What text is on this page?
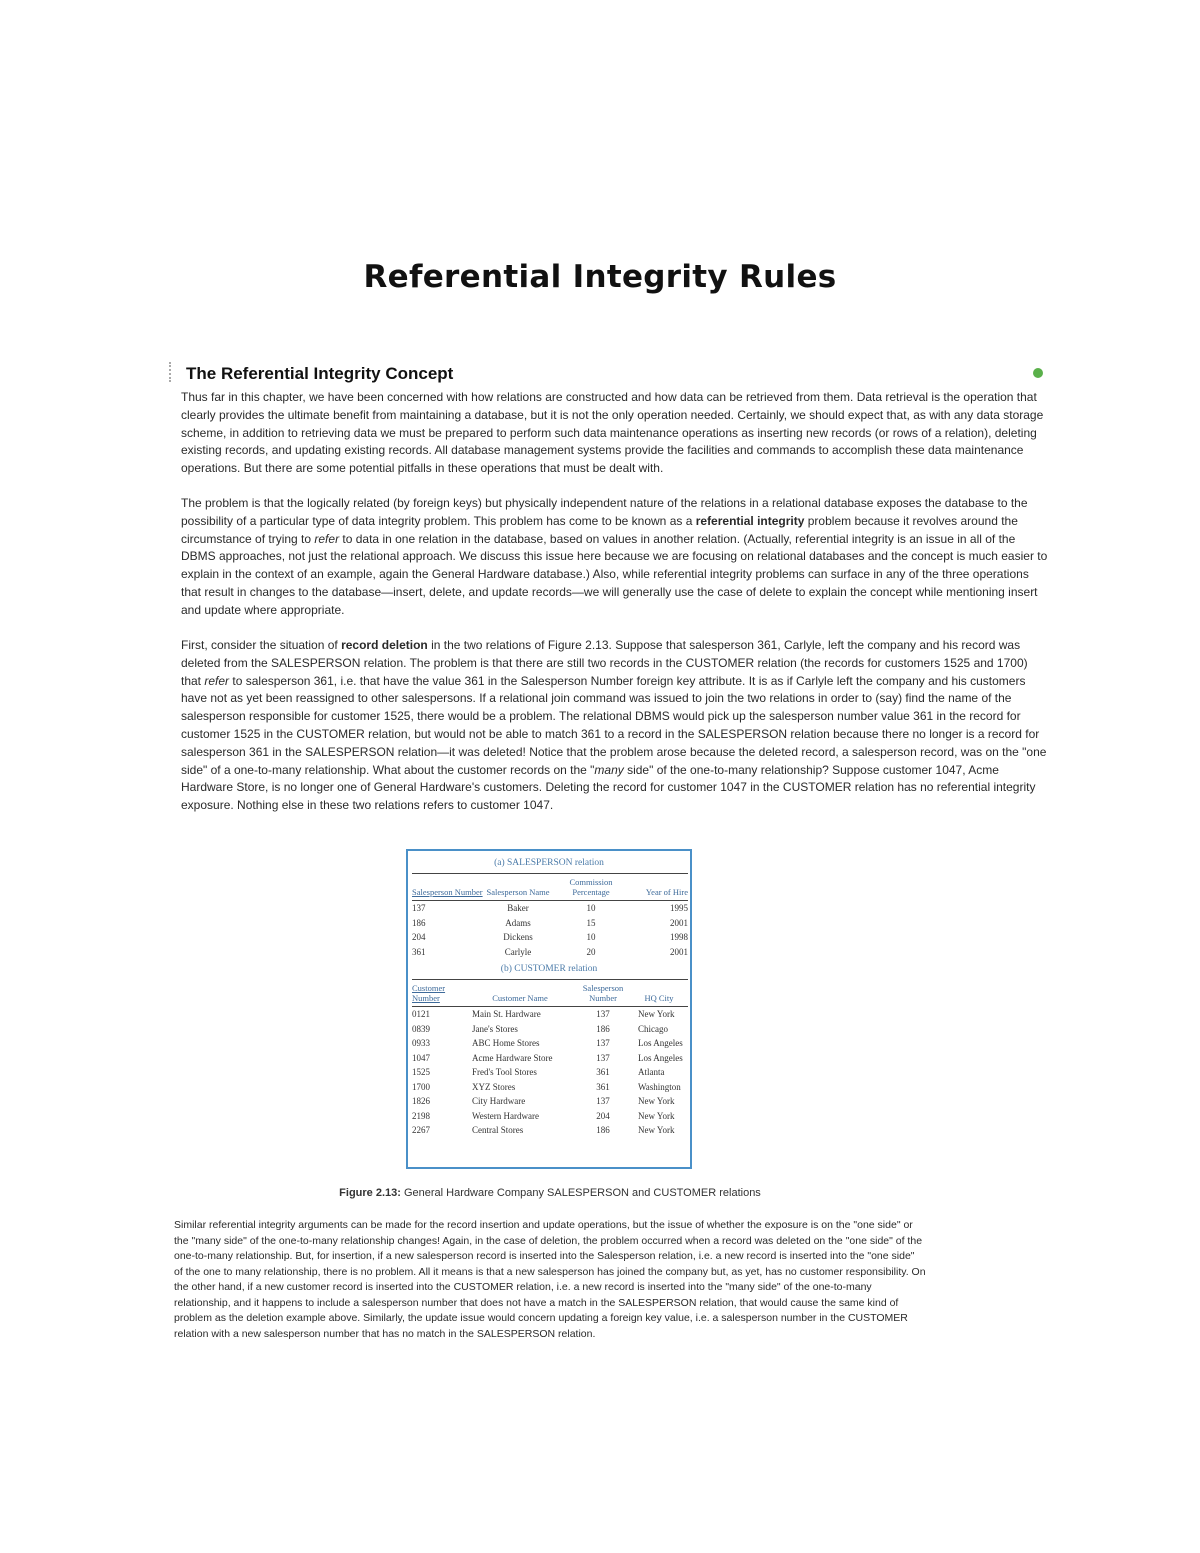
Referential Integrity Rules
The Referential Integrity Concept

Thus far in this chapter, we have been concerned with how relations are constructed and how data can be retrieved from them. Data retrieval is the operation that clearly provides the ultimate benefit from maintaining a database, but it is not the only operation needed. Certainly, we should expect that, as with any data storage scheme, in addition to retrieving data we must be prepared to perform such data maintenance operations as inserting new records (or rows of a relation), deleting existing records, and updating existing records. All database management systems provide the facilities and commands to accomplish these data maintenance operations. But there are some potential pitfalls in these operations that must be dealt with.

The problem is that the logically related (by foreign keys) but physically independent nature of the relations in a relational database exposes the database to the possibility of a particular type of data integrity problem. This problem has come to be known as a referential integrity problem because it revolves around the circumstance of trying to refer to data in one relation in the database, based on values in another relation. (Actually, referential integrity is an issue in all of the DBMS approaches, not just the relational approach. We discuss this issue here because we are focusing on relational databases and the concept is much easier to explain in the context of an example, again the General Hardware database.) Also, while referential integrity problems can surface in any of the three operations that result in changes to the database—insert, delete, and update records—we will generally use the case of delete to explain the concept while mentioning insert and update where appropriate.

First, consider the situation of record deletion in the two relations of Figure 2.13. Suppose that salesperson 361, Carlyle, left the company and his record was deleted from the SALESPERSON relation. The problem is that there are still two records in the CUSTOMER relation (the records for customers 1525 and 1700) that refer to salesperson 361, i.e. that have the value 361 in the Salesperson Number foreign key attribute. It is as if Carlyle left the company and his customers have not as yet been reassigned to other salespersons. If a relational join command was issued to join the two relations in order to (say) find the name of the salesperson responsible for customer 1525, there would be a problem. The relational DBMS would pick up the salesperson number value 361 in the record for customer 1525 in the CUSTOMER relation, but would not be able to match 361 to a record in the SALESPERSON relation because there no longer is a record for salesperson 361 in the SALESPERSON relation—it was deleted! Notice that the problem arose because the deleted record, a salesperson record, was on the "one side" of a one-to-many relationship. What about the customer records on the "many side" of the one-to-many relationship? Suppose customer 1047, Acme Hardware Store, is no longer one of General Hardware's customers. Deleting the record for customer 1047 in the CUSTOMER relation has no referential integrity exposure. Nothing else in these two relations refers to customer 1047.

(a) SALESPERSON relation

Salesperson Number	Salesperson Name	Commission Percentage	Year of Hire
137	Baker	10	1995
186	Adams	15	2001
204	Dickens	10	1998
361	Carlyle	20	2001

(b) CUSTOMER relation

Customer Number	Customer Name	Salesperson Number	HQ City
0121	Main St. Hardware	137	New York
0839	Jane's Stores	186	Chicago
0933	ABC Home Stores	137	Los Angeles
1047	Acme Hardware Store	137	Los Angeles
1525	Fred's Tool Stores	361	Atlanta
1700	XYZ Stores	361	Washington
1826	City Hardware	137	New York
2198	Western Hardware	204	New York
2267	Central Stores	186	New York

Figure 2.13: General Hardware Company SALESPERSON and CUSTOMER relations

Similar referential integrity arguments can be made for the record insertion and update operations, but the issue of whether the exposure is on the "one side" or the "many side" of the one-to-many relationship changes! Again, in the case of deletion, the problem occurred when a record was deleted on the "one side" of the one-to-many relationship. But, for insertion, if a new salesperson record is inserted into the Salesperson relation, i.e. a new record is inserted into the "one side" of the one to many relationship, there is no problem. All it means is that a new salesperson has joined the company but, as yet, has no customer responsibility. On the other hand, if a new customer record is inserted into the CUSTOMER relation, i.e. a new record is inserted into the "many side" of the one-to-many relationship, and it happens to include a salesperson number that does not have a match in the SALESPERSON relation, that would cause the same kind of problem as the deletion example above. Similarly, the update issue would concern updating a foreign key value, i.e. a salesperson number in the CUSTOMER relation with a new salesperson number that has no match in the SALESPERSON relation.
